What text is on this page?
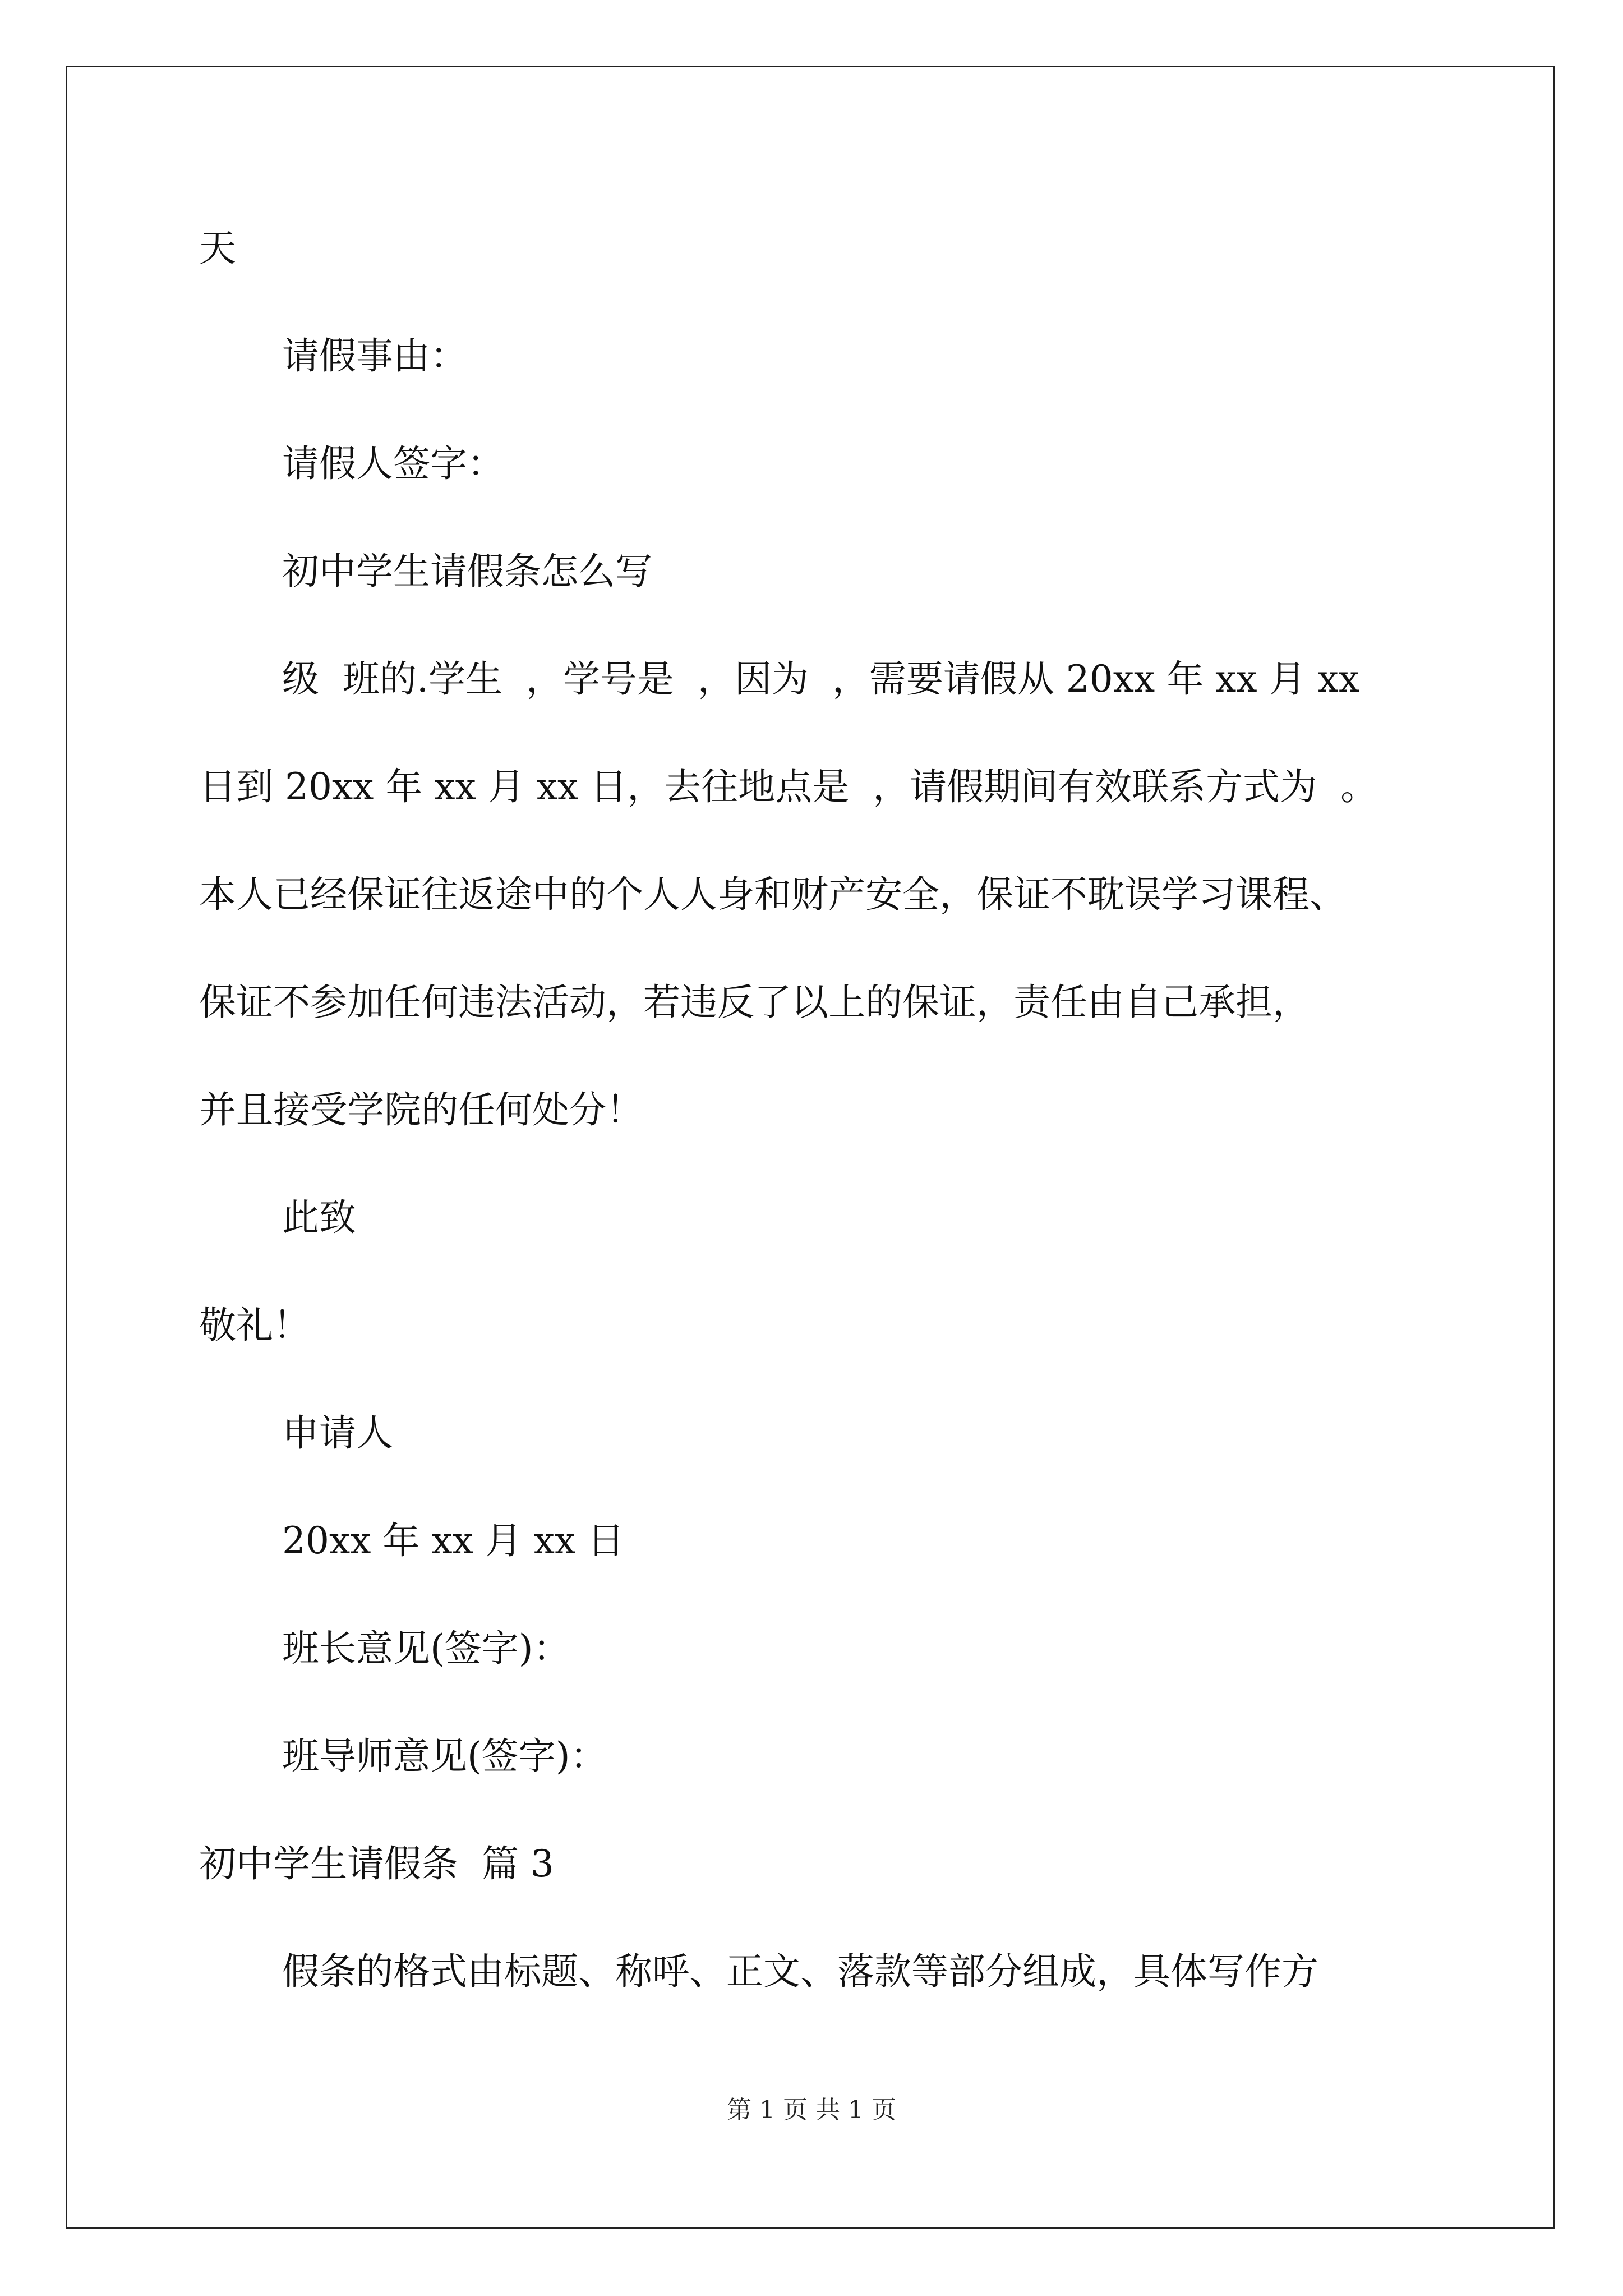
天
请假事由：
请假人签字：
初中学生请假条怎么写
级  班的.学生  ，学号是  ，因为  ，需要请假从 20xx 年 xx 月 xx
日到 20xx 年 xx 月 xx 日，去往地点是  ，请假期间有效联系方式为  。
本人已经保证往返途中的个人人身和财产安全，保证不耽误学习课程、
保证不参加任何违法活动，若违反了以上的保证，责任由自己承担，
并且接受学院的任何处分！
此致
敬礼！
申请人
20xx 年 xx 月 xx 日
班长意见(签字)：
班导师意见(签字)：
初中学生请假条  篇 3
假条的格式由标题、称呼、正文、落款等部分组成，具体写作方
第 1 页 共 1 页
